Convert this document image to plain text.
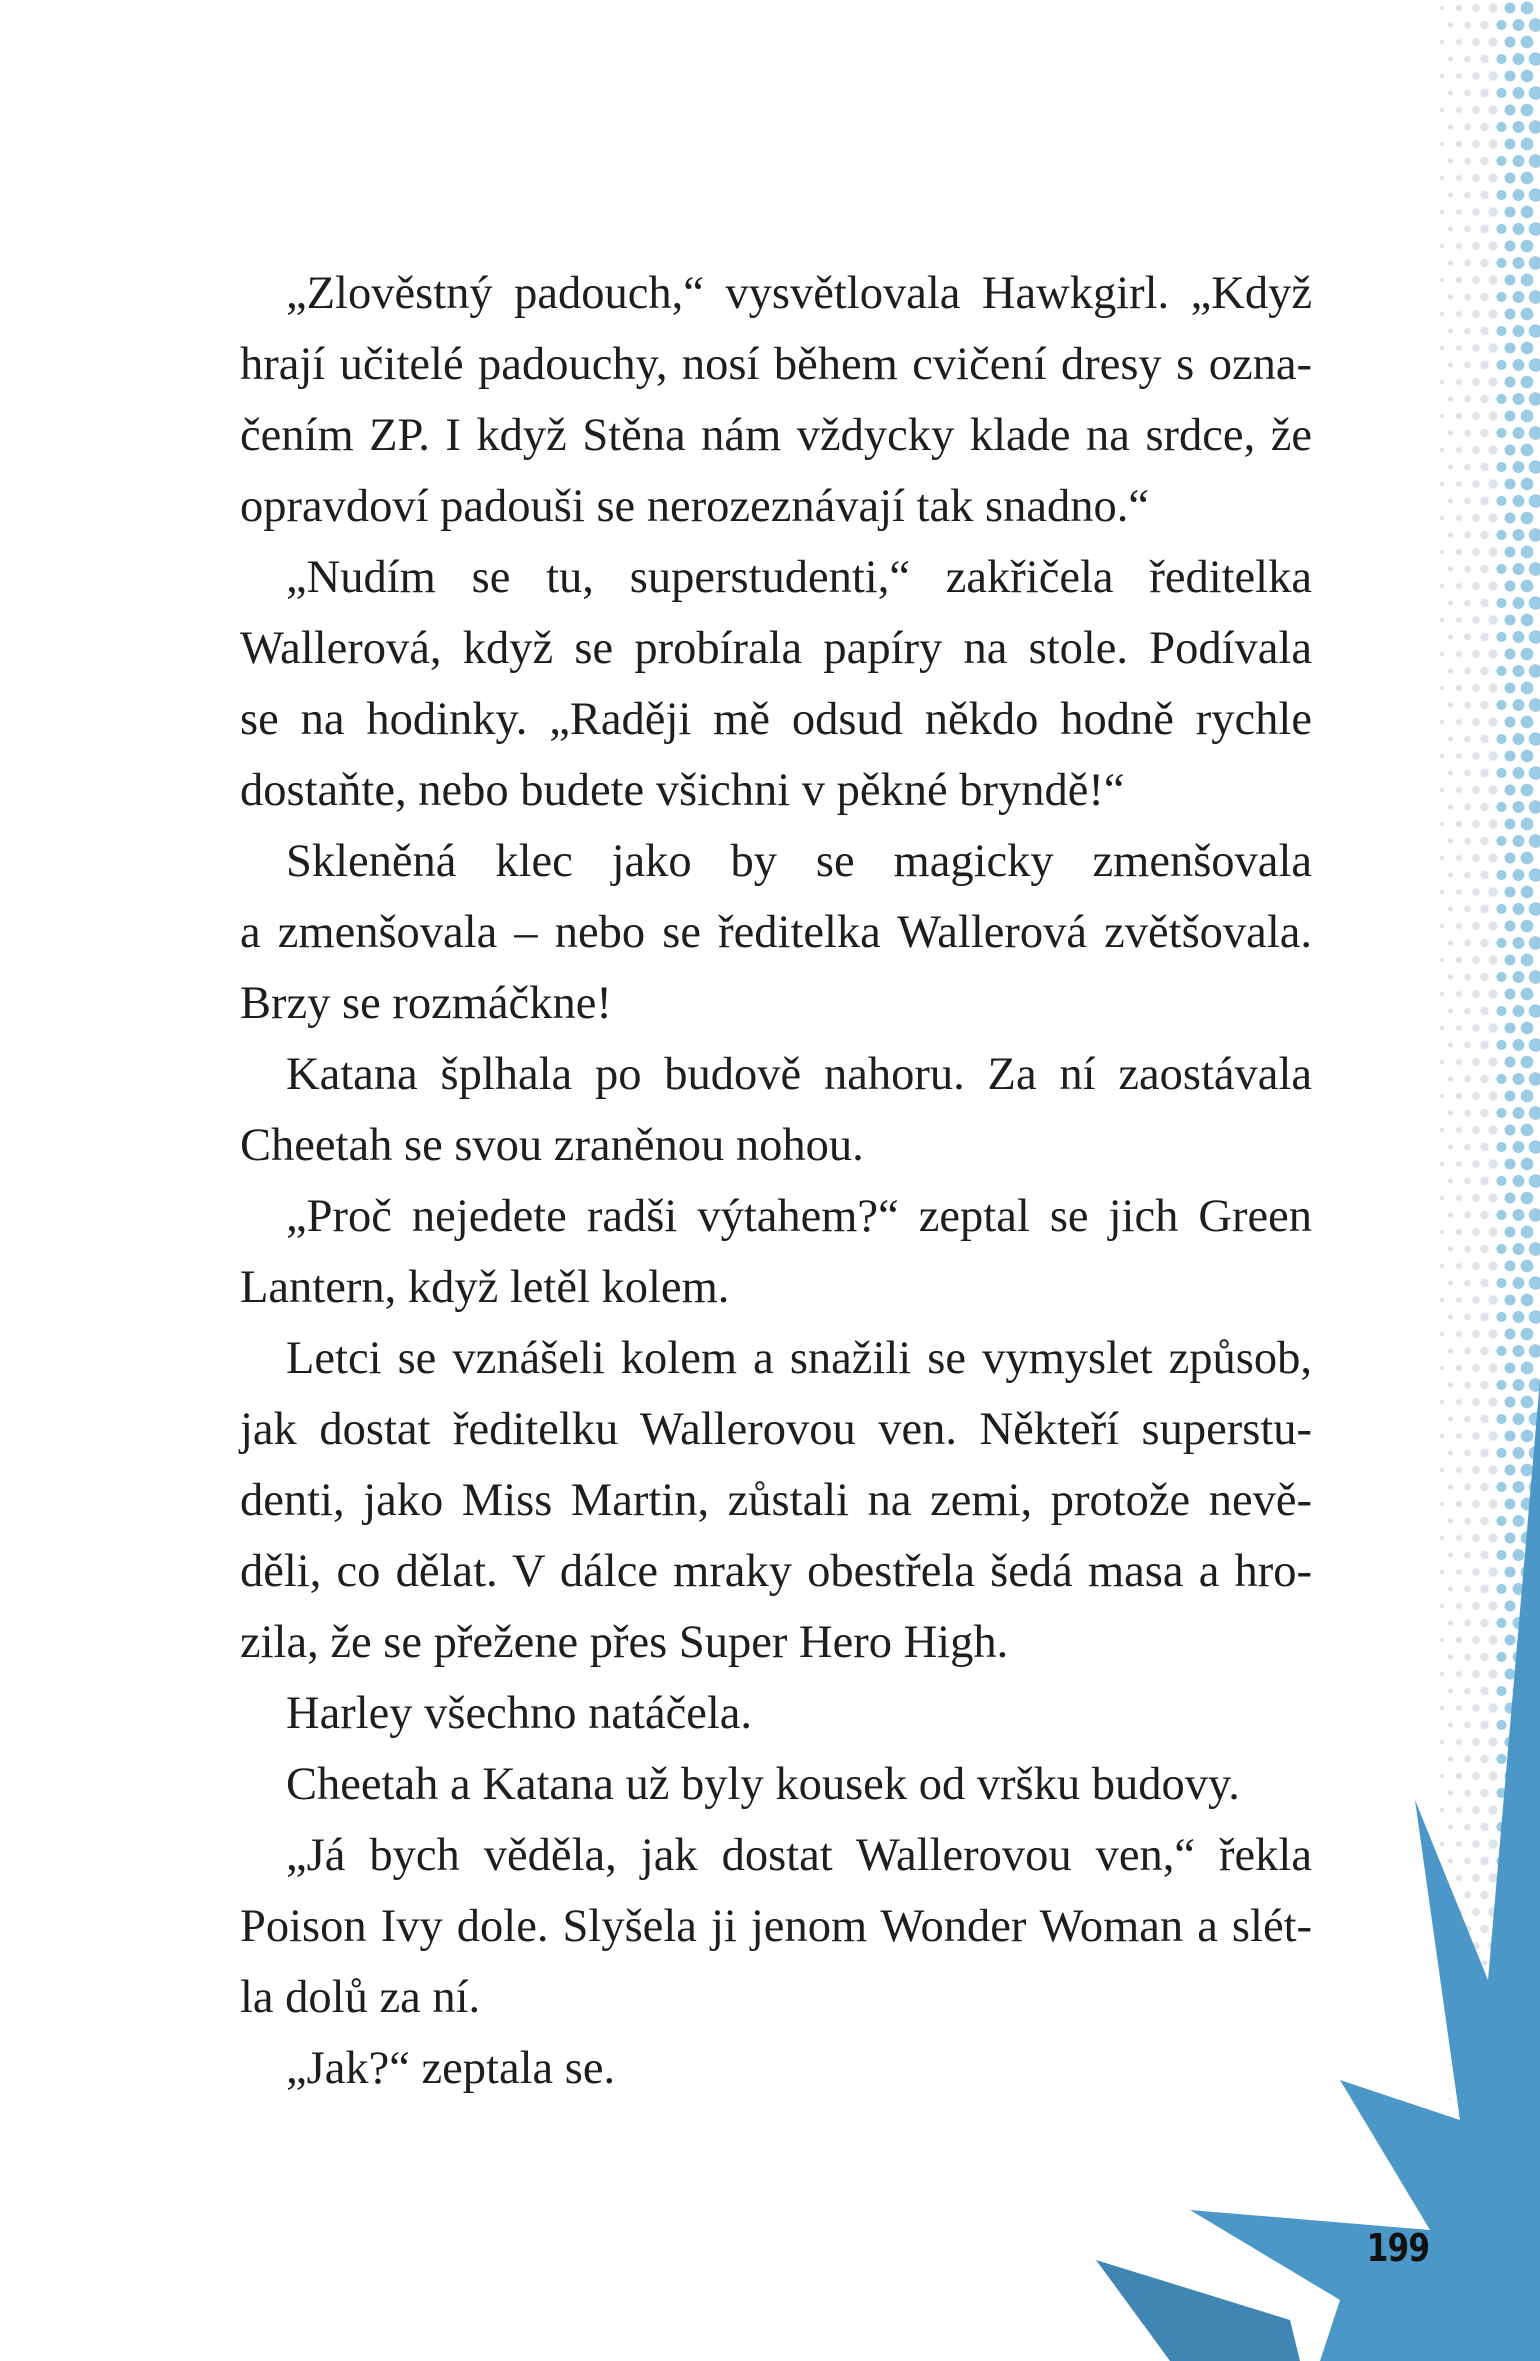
„Zlověstný padouch,“ vysvětlovala Hawkgirl. „Když
hrají učitelé padouchy, nosí během cvičení dresy s ozna-
čením ZP. I když Stěna nám vždycky klade na srdce, že
opravdoví padouši se nerozeznávají tak snadno.“
„Nudím se tu, superstudenti,“ zakřičela ředitelka
Wallerová, když se probírala papíry na stole. Podívala
se na hodinky. „Raději mě odsud někdo hodně rychle
dostaňte, nebo budete všichni v pěkné bryndě!“
Skleněná klec jako by se magicky zmenšovala
a zmenšovala – nebo se ředitelka Wallerová zvětšovala.
Brzy se rozmáčkne!
Katana šplhala po budově nahoru. Za ní zaostávala
Cheetah se svou zraněnou nohou.
„Proč nejedete radši výtahem?“ zeptal se jich Green
Lantern, když letěl kolem.
Letci se vznášeli kolem a snažili se vymyslet způsob,
jak dostat ředitelku Wallerovou ven. Někteří superstu-
denti, jako Miss Martin, zůstali na zemi, protože nevě-
děli, co dělat. V dálce mraky obestřela šedá masa a hro-
zila, že se přežene přes Super Hero High.
Harley všechno natáčela.
Cheetah a Katana už byly kousek od vršku budovy.
„Já bych věděla, jak dostat Wallerovou ven,“ řekla
Poison Ivy dole. Slyšela ji jenom Wonder Woman a slét-
la dolů za ní.
„Jak?“ zeptala se.
199
